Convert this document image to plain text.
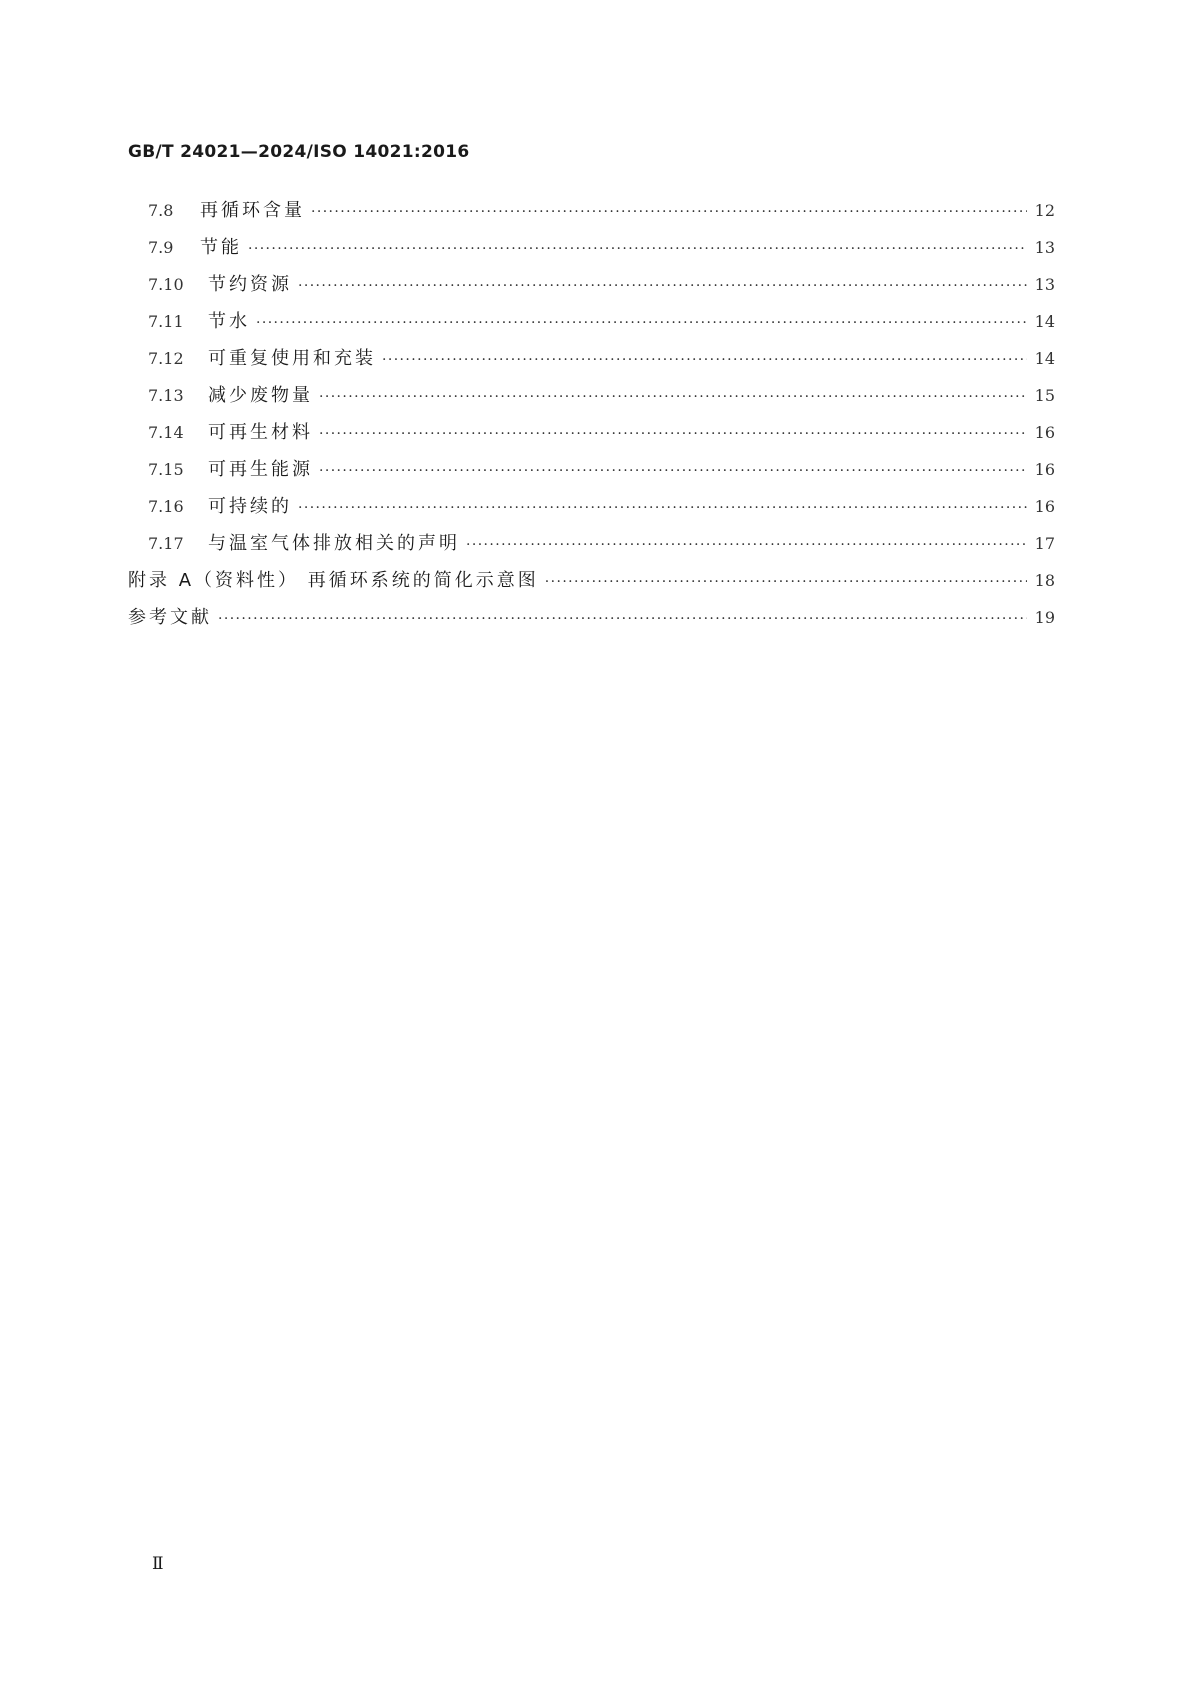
GB/T 24021—2024/ISO 14021:2016
7.8	再循环含量 ·····	12
7.9	节能 ·····	13
7.10	节约资源 ·····	13
7.11	节水 ·····	14
7.12	可重复使用和充装 ·····	14
7.13	减少废物量 ·····	15
7.14	可再生材料 ·····	16
7.15	可再生能源 ·····	16
7.16	可持续的 ·····	16
7.17	与温室气体排放相关的声明 ·····	17
附录 A（资料性） 再循环系统的简化示意图 ·····	18
参考文献 ·····	19
Ⅱ
